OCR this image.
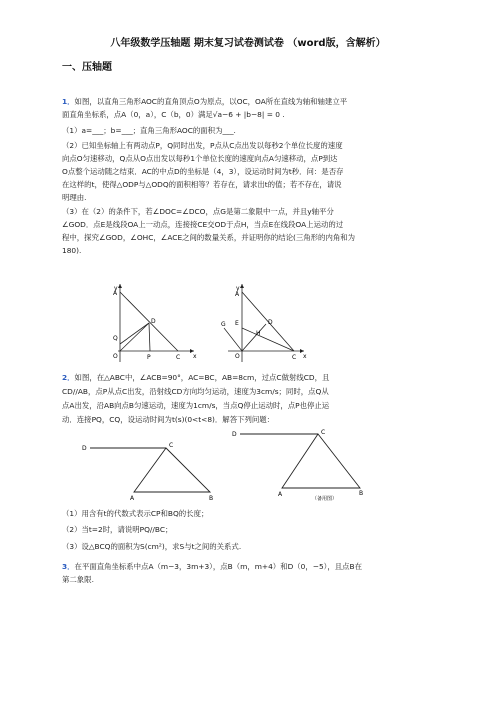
八年级数学压轴题 期末复习试卷测试卷 （word版，含解析）
一、压轴题
1．如图，以直角三角形AOC的直角顶点O为原点，以OC，OA所在直线为轴和轴建立平
面直角坐标系，点A（0，a），C（b，0）满足√a−6 + |b−8| = 0 .
（1）a=___；b=___；直角三角形AOC的面积为___.
（2）已知坐标轴上有两动点P，Q同时出发，P点从C点出发以每秒2个单位长度的速度
向点O匀速移动，Q点从O点出发以每秒1个单位长度的速度向点A匀速移动，点P到达
O点整个运动随之结束．AC的中点D的坐标是（4，3），设运动时间为t秒．问：是否存
在这样的t，使得△ODP与△ODQ的面积相等？若存在，请求出t的值；若不存在，请说
明理由.
（3）在（2）的条件下，若∠DOC=∠DCO，点G是第二象限中一点，并且y轴平分
∠GOD．点E是线段OA上一动点，连接接CE交OD于点H，当点E在线段OA上运动的过
程中，探究∠GOD，∠OHC，∠ACE之间的数量关系，并证明你的结论(三角形的内角和为
180).
y
A
D
Q
O	P	C x
y
A
G E
H
D
O	C x
2．如图，在△ABC中，∠ACB=90°，AC=BC，AB=8cm，过点C做射线CD，且
CD//AB，点P从点C出发，沿射线CD方向均匀运动，速度为3cm/s；同时，点Q从
点A出发，沿AB向点B匀速运动，速度为1cm/s，当点Q停止运动时，点P也停止运
动．连接PQ，CQ，设运动时间为t(s)(0<t<8)．解答下列问题：
D	C
A	B
D	C
A	B
（备用图）
（1）用含有t的代数式表示CP和BQ的长度；
（2）当t=2时，请说明PQ//BC；
（3）设△BCQ的面积为S(cm²)，求S与t之间的关系式.
3．在平面直角坐标系中点A（m−3，3m+3），点B（m，m+4）和D（0，−5），且点B在
第二象限.
